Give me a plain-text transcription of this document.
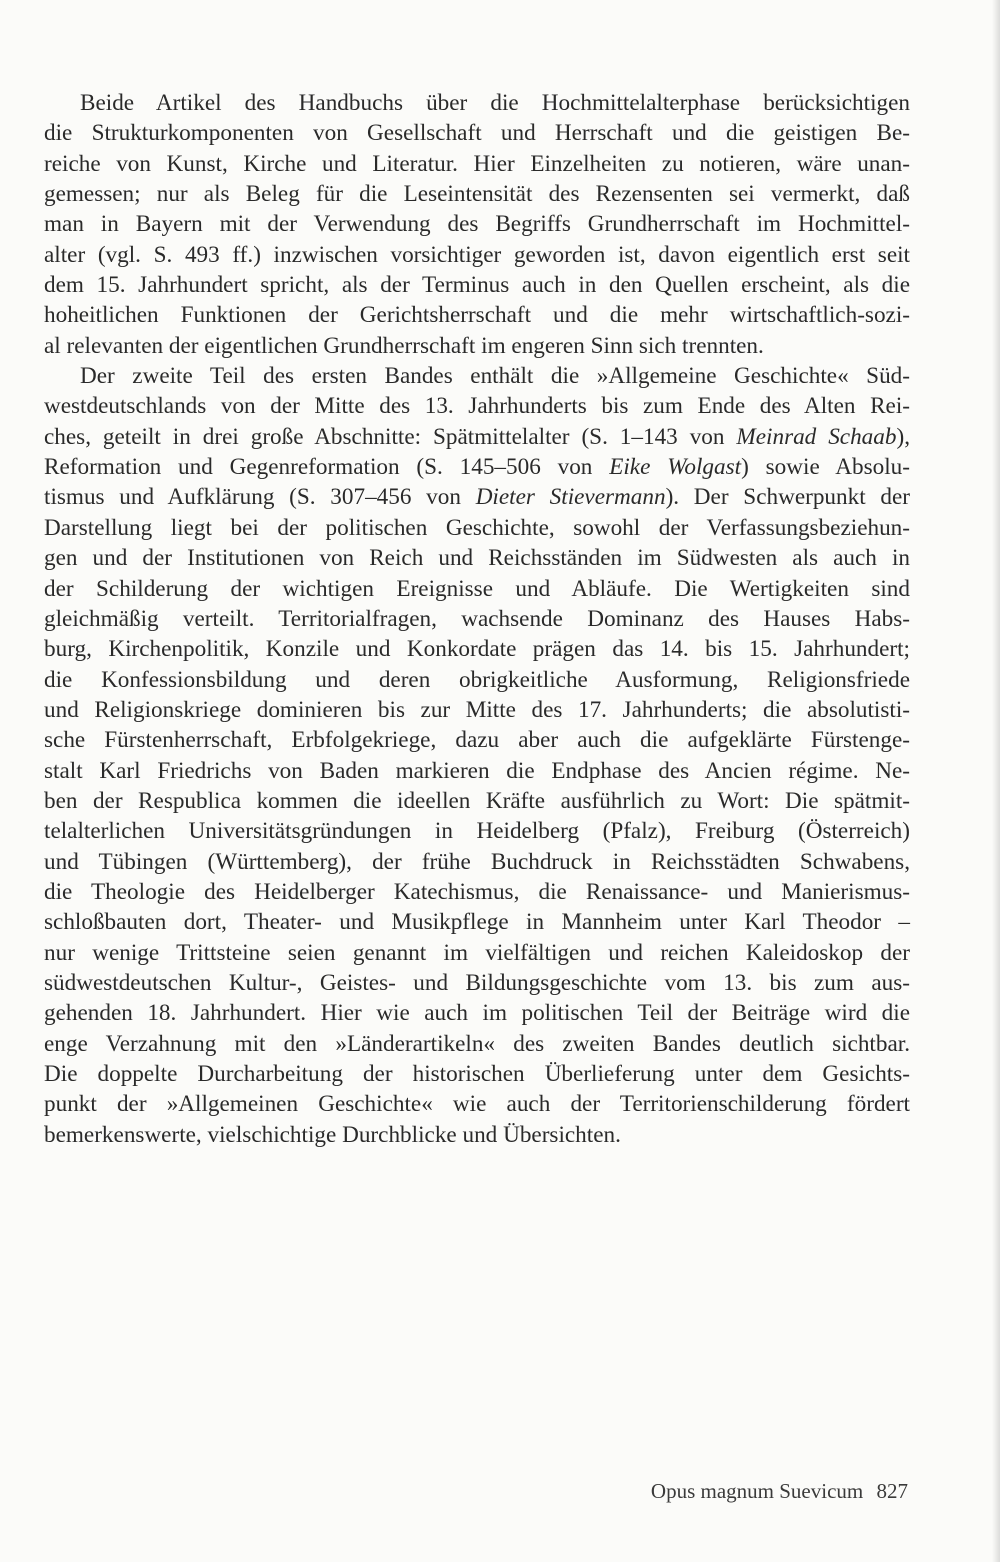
Beide Artikel des Handbuchs über die Hochmittelalterphase berücksichtigen
die Strukturkomponenten von Gesellschaft und Herrschaft und die geistigen Be-
reiche von Kunst, Kirche und Literatur. Hier Einzelheiten zu notieren, wäre unan-
gemessen; nur als Beleg für die Leseintensität des Rezensenten sei vermerkt, daß
man in Bayern mit der Verwendung des Begriffs Grundherrschaft im Hochmittel-
alter (vgl. S. 493 ff.) inzwischen vorsichtiger geworden ist, davon eigentlich erst seit
dem 15. Jahrhundert spricht, als der Terminus auch in den Quellen erscheint, als die
hoheitlichen Funktionen der Gerichtsherrschaft und die mehr wirtschaftlich-sozi-
al relevanten der eigentlichen Grundherrschaft im engeren Sinn sich trennten.
Der zweite Teil des ersten Bandes enthält die »Allgemeine Geschichte« Süd-
westdeutschlands von der Mitte des 13. Jahrhunderts bis zum Ende des Alten Rei-
ches, geteilt in drei große Abschnitte: Spätmittelalter (S. 1–143 von Meinrad Schaab),
Reformation und Gegenreformation (S. 145–506 von Eike Wolgast) sowie Absolu-
tismus und Aufklärung (S. 307–456 von Dieter Stievermann). Der Schwerpunkt der
Darstellung liegt bei der politischen Geschichte, sowohl der Verfassungsbeziehun-
gen und der Institutionen von Reich und Reichsständen im Südwesten als auch in
der Schilderung der wichtigen Ereignisse und Abläufe. Die Wertigkeiten sind
gleichmäßig verteilt. Territorialfragen, wachsende Dominanz des Hauses Habs-
burg, Kirchenpolitik, Konzile und Konkordate prägen das 14. bis 15. Jahrhundert;
die Konfessionsbildung und deren obrigkeitliche Ausformung, Religionsfriede
und Religionskriege dominieren bis zur Mitte des 17. Jahrhunderts; die absolutisti-
sche Fürstenherrschaft, Erbfolgekriege, dazu aber auch die aufgeklärte Fürstenge-
stalt Karl Friedrichs von Baden markieren die Endphase des Ancien régime. Ne-
ben der Respublica kommen die ideellen Kräfte ausführlich zu Wort: Die spätmit-
telalterlichen Universitätsgründungen in Heidelberg (Pfalz), Freiburg (Österreich)
und Tübingen (Württemberg), der frühe Buchdruck in Reichsstädten Schwabens,
die Theologie des Heidelberger Katechismus, die Renaissance- und Manierismus-
schloßbauten dort, Theater- und Musikpflege in Mannheim unter Karl Theodor –
nur wenige Trittsteine seien genannt im vielfältigen und reichen Kaleidoskop der
südwestdeutschen Kultur-, Geistes- und Bildungsgeschichte vom 13. bis zum aus-
gehenden 18. Jahrhundert. Hier wie auch im politischen Teil der Beiträge wird die
enge Verzahnung mit den »Länderartikeln« des zweiten Bandes deutlich sichtbar.
Die doppelte Durcharbeitung der historischen Überlieferung unter dem Gesichts-
punkt der »Allgemeinen Geschichte« wie auch der Territorienschilderung fördert
bemerkenswerte, vielschichtige Durchblicke und Übersichten.
Opus magnum Suevicum 827
